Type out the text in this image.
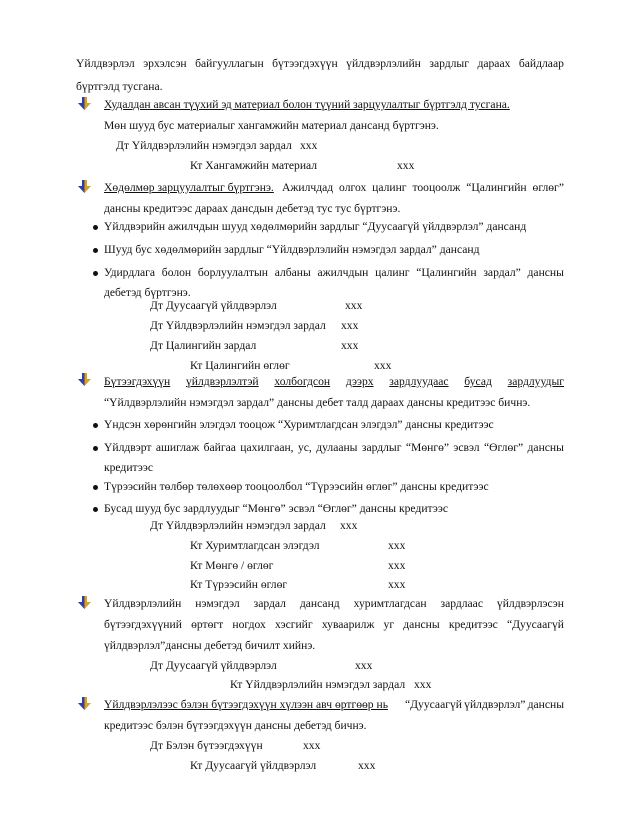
Үйлдвэрлэл эрхэлсэн байгууллагын бүтээгдэхүүн үйлдвэрлэлийн зардлыг дараах байдлаар
бүртгэлд тусгана.
Худалдан авсан түүхий эд материал болон түүний зарцуулалтыг бүртгэлд тусгана.
Мөн шууд бус материалыг хангамжийн материал дансанд бүртгэнэ.
Дт Үйлдвэрлэлийн нэмэгдэл зардал xxx
Кт Хангамжийн материал	xxx
Хөдөлмөр зарцуулалтыг бүртгэнэ. Ажилчдад олгох цалинг тооцоолж “Цалингийн өглөг”
дансны кредитээс дараах данcдын дебетэд тус тус бүртгэнэ.
Үйлдвэрийн ажилчдын шууд хөдөлмөрийн зардлыг “Дуусаагүй үйлдвэрлэл” дансанд
Шууд бус хөдөлмөрийн зардлыг “Үйлдвэрлэлийн нэмэгдэл зардал” дансанд
Удирдлага болон борлуулалтын албаны ажилчдын цалинг “Цалингийн зардал” дансны
дебетэд бүртгэнэ.
Дт Дуусаагүй үйлдвэрлэл	xxx
Дт Үйлдвэрлэлийн нэмэгдэл зардал xxx
Дт Цалингийн зардал	xxx
Кт Цалингийн өглөг	xxx
Бүтээгдэхүүн үйлдвэрлэлтэй холбогдсон дээрх зардлуудаас бусад зардлуудыг
“Үйлдвэрлэлийн нэмэгдэл зардал” дансны дебет талд дараах дансны кредитээс бичнэ.
Үндсэн хөрөнгийн элэгдэл тооцож “Хуримтлагдсан элэгдэл” дансны кредитээс
Үйлдвэрт ашиглаж байгаа цахилгаан, ус, дулааны зардлыг “Мөнгө” эсвэл “Өглөг” дансны
кредитээс
Түрээсийн төлбөр төлөхөөр тооцоолбол “Түрээсийн өглөг” дансны кредитээс
Бусад шууд бус зардлуудыг “Мөнгө” эсвэл “Өглөг” дансны кредитээс
Дт Үйлдвэрлэлийн нэмэгдэл зардал xxx
Кт Хуримтлагдсан элэгдэл	xxx
Кт Мөнгө / өглөг	xxx
Кт Түрээсийн өглөг	xxx
Үйлдвэрлэлийн нэмэгдэл зардал дансанд хуримтлагдсан зардлаас үйлдвэрлэсэн
бүтээгдэхүүний өртөгт ногдох хэсгийг хуваарилж уг дансны кредитээс “Дуусаагүй
үйлдвэрлэл”дансны дебетэд бичилт хийнэ.
Дт Дуусаагүй үйлдвэрлэл	xxx
Кт Үйлдвэрлэлийн нэмэгдэл зардал xxx
Үйлдвэрлэлээс бэлэн бүтээгдэхүүн хүлээн авч өртгөөр нь “Дуусаагүй үйлдвэрлэл” дансны
кредитээс бэлэн бүтээгдэхүүн дансны дебетэд бичнэ.
Дт Бэлэн бүтээгдэхүүн	xxx
Кт Дуусаагүй үйлдвэрлэл	xxx
